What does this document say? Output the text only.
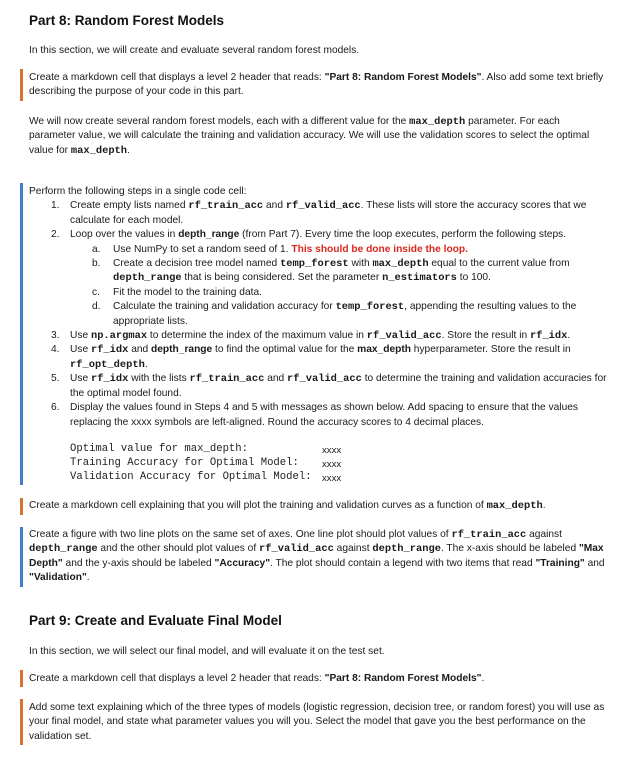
Part 8: Random Forest Models

In this section, we will create and evaluate several random forest models.

Create a markdown cell that displays a level 2 header that reads: "Part 8: Random Forest Models". Also add some text briefly describing the purpose of your code in this part.

We will now create several random forest models, each with a different value for the max_depth parameter. For each parameter value, we will calculate the training and validation accuracy. We will use the validation scores to select the optimal value for max_depth.

Perform the following steps in a single code cell:

1. Create empty lists named rf_train_acc and rf_valid_acc. These lists will store the accuracy scores that we calculate for each model.
2. Loop over the values in depth_range (from Part 7). Every time the loop executes, perform the following steps.
a. Use NumPy to set a random seed of 1. This should be done inside the loop.
b. Create a decision tree model named temp_forest with max_depth equal to the current value from depth_range that is being considered. Set the parameter n_estimators to 100.
c. Fit the model to the training data.
d. Calculate the training and validation accuracy for temp_forest, appending the resulting values to the appropriate lists.
3. Use np.argmax to determine the index of the maximum value in rf_valid_acc. Store the result in rf_idx.
4. Use rf_idx and depth_range to find the optimal value for the max_depth hyperparameter. Store the result in rf_opt_depth.
5. Use rf_idx with the lists rf_train_acc and rf_valid_acc to determine the training and validation accuracies for the optimal model found.
6. Display the values found in Steps 4 and 5 with messages as shown below. Add spacing to ensure that the values replacing the xxxx symbols are left-aligned. Round the accuracy scores to 4 decimal places.
Optimal value for max_depth:
Training Accuracy for Optimal Model:
Validation Accuracy for Optimal Model:
xxxx
xxxx
xxxx

Create a markdown cell explaining that you will plot the training and validation curves as a function of max_depth.

Create a figure with two line plots on the same set of axes. One line plot should plot values of rf_train_acc against depth_range and the other should plot values of rf_valid_acc against depth_range. The x-axis should be labeled "Max Depth" and the y-axis should be labeled "Accuracy". The plot should contain a legend with two items that read "Training" and "Validation".

Part 9: Create and Evaluate Final Model

In this section, we will select our final model, and will evaluate it on the test set.

Create a markdown cell that displays a level 2 header that reads: "Part 8: Random Forest Models".

Add some text explaining which of the three types of models (logistic regression, decision tree, or random forest) you will use as your final model, and state what parameter values you will you. Select the model that gave you the best performance on the validation set.
